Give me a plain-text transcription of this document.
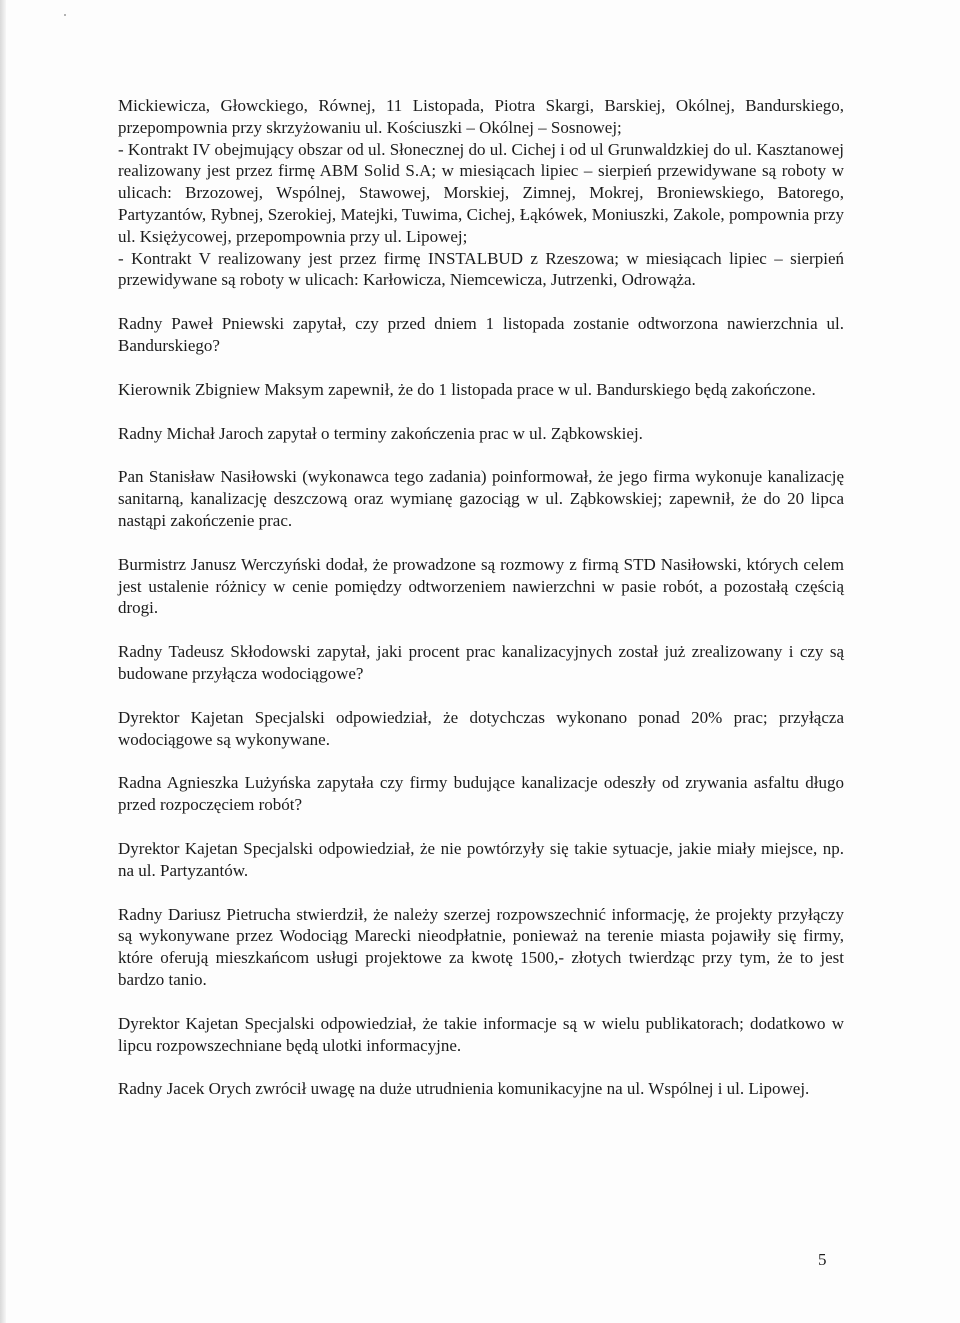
Mickiewicza, Głowckiego, Równej, 11 Listopada, Piotra Skargi, Barskiej, Okólnej, Bandurskiego, przepompownia przy skrzyżowaniu ul. Kościuszki – Okólnej – Sosnowej;

- Kontrakt IV obejmujący obszar od ul. Słonecznej do ul. Cichej i od ul Grunwaldzkiej do ul. Kasztanowej realizowany jest przez firmę ABM Solid S.A; w miesiącach lipiec – sierpień przewidywane są roboty w ulicach: Brzozowej, Wspólnej, Stawowej, Morskiej, Zimnej, Mokrej, Broniewskiego, Batorego, Partyzantów, Rybnej, Szerokiej, Matejki, Tuwima, Cichej, Łąkówek, Moniuszki, Zakole, pompownia przy ul. Księżycowej, przepompownia przy ul. Lipowej;

- Kontrakt V realizowany jest przez firmę INSTALBUD z Rzeszowa; w miesiącach lipiec – sierpień przewidywane są roboty w ulicach: Karłowicza, Niemcewicza, Jutrzenki, Odrowąża.

Radny Paweł Pniewski zapytał, czy przed dniem 1 listopada zostanie odtworzona nawierzchnia ul. Bandurskiego?

Kierownik Zbigniew Maksym zapewnił, że do 1 listopada prace w ul. Bandurskiego będą zakończone.

Radny Michał Jaroch zapytał o terminy zakończenia prac w ul. Ząbkowskiej.

Pan Stanisław Nasiłowski (wykonawca tego zadania) poinformował, że jego firma wykonuje kanalizację sanitarną, kanalizację deszczową oraz wymianę gazociąg w ul. Ząbkowskiej; zapewnił, że do 20 lipca nastąpi zakończenie prac.

Burmistrz Janusz Werczyński dodał, że prowadzone są rozmowy z firmą STD Nasiłowski, których celem jest ustalenie różnicy w cenie pomiędzy odtworzeniem nawierzchni w pasie robót, a pozostałą częścią drogi.

Radny Tadeusz Skłodowski zapytał, jaki procent prac kanalizacyjnych został już zrealizowany i czy są budowane przyłącza wodociągowe?

Dyrektor Kajetan Specjalski odpowiedział, że dotychczas wykonano ponad 20% prac; przyłącza wodociągowe są wykonywane.

Radna Agnieszka Lużyńska zapytała czy firmy budujące kanalizacje odeszły od zrywania asfaltu długo przed rozpoczęciem robót?

Dyrektor Kajetan Specjalski odpowiedział, że nie powtórzyły się takie sytuacje, jakie miały miejsce, np. na ul. Partyzantów.

Radny Dariusz Pietrucha stwierdził, że należy szerzej rozpowszechnić informację, że projekty przyłączy są wykonywane przez Wodociąg Marecki nieodpłatnie, ponieważ na terenie miasta pojawiły się firmy, które oferują mieszkańcom usługi projektowe za kwotę 1500,- złotych twierdząc przy tym, że to jest bardzo tanio.

Dyrektor Kajetan Specjalski odpowiedział, że takie informacje są w wielu publikatorach; dodatkowo w lipcu rozpowszechniane będą ulotki informacyjne.

Radny Jacek Orych zwrócił uwagę na duże utrudnienia komunikacyjne na ul. Wspólnej i ul. Lipowej.

5
